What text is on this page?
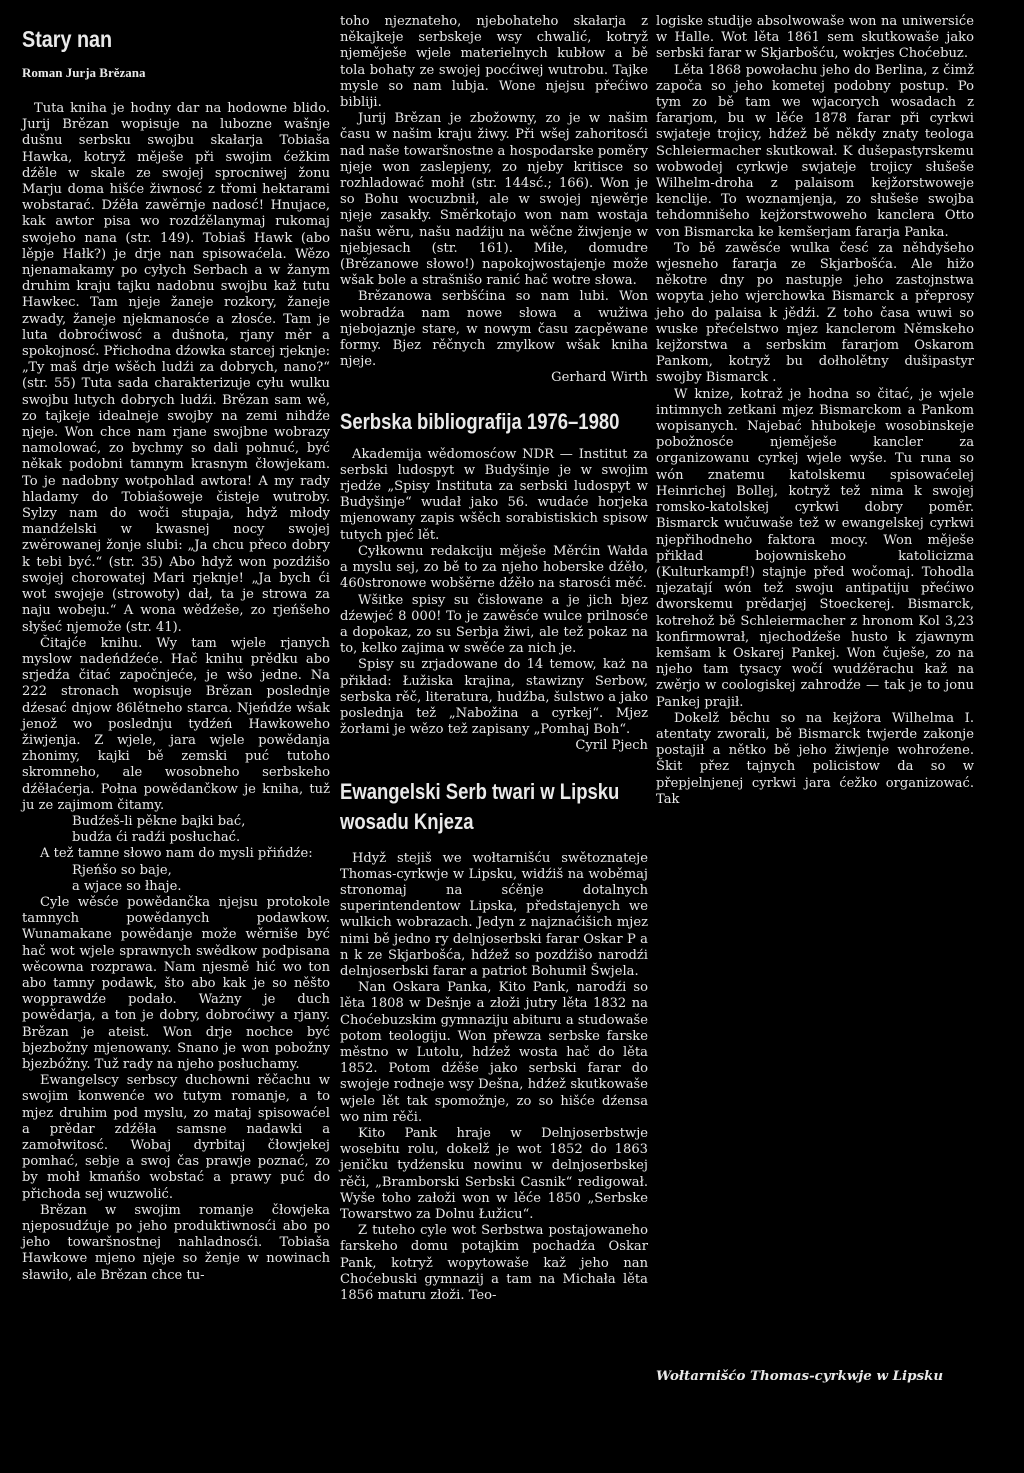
Stary nan
Roman Jurja Brězana

Tuta kniha je hodny dar na hodowne blido. Jurij Brězan wopisuje na lubozne wašnje dušnu serbsku swojbu skałarja Tobiaša Hawka, kotryž měješe při swojim ćežkim dźěle w skale ze swojej sprocniwej žonu Marju doma hišće žiwnosć z třomi hektarami wobstarać. Dźěła zawěrnje nadosć! Hnujace, kak awtor pisa wo rozdźělanymaj rukomaj swojeho nana (str. 149). Tobiaš Hawk (abo lěpje Hałk?) je drje nan spisowaćela. Wězo njenamakamy po cyłych Serbach a w žanym druhim kraju tajku nadobnu swojbu kaž tutu Hawkec. Tam njeje žaneje rozkory, žaneje zwady, žaneje njekmanosće a złosće. Tam je luta dobroćiwosć a dušnota, rjany měr a spokojnosć. Přichodna dźowka starcej rjeknje: „Ty maš drje wšěch ludźi za dobrych, nano?“ (str. 55) Tuta sada charakterizuje cyłu wulku swojbu lutych dobrych ludźi. Brězan sam wě, zo tajkeje idealneje swojby na zemi nihdźe njeje. Won chce nam rjane swojbne wobrazy namolować, zo bychmy so dali pohnuć, być někak podobni tamnym krasnym čłowjekam. To je nadobny wotpohlad awtora! A my rady hladamy do Tobiašoweje čisteje wutroby. Sylzy nam do woči stupaja, hdyž młody mandźelski w kwasnej nocy swojej zwěrowanej žonje slubi: „Ja chcu přeco dobry k tebi być.“ (str. 35) Abo hdyž won pozdźišo swojej chorowatej Mari rjeknje! „Ja bych ći wot swojeje (strowoty) dał, ta je strowa za naju wobeju.“ A wona wědźeše, zo rjeńšeho słyšeć njemože (str. 41).

Čitajće knihu. Wy tam wjele rjanych myslow nadeńdźeće. Hač knihu prědku abo srjedźa čitać započnjeće, je wšo jedne. Na 222 stronach wopisuje Brězan poslednje dźesać dnjow 86lětneho starca. Njeńdźe wšak jenož wo poslednju tydźeń Hawkoweho žiwjenja. Z wjele, jara wjele powědanja zhonimy, kajki bě zemski puć tutoho skromneho, ale wosobneho serbskeho dźěłaćerja. Połna powědančkow je kniha, tuž ju ze zajimom čitamy.

Budźeš-li pěkne bajki bać,
budźa ći radźi posłuchać.

A tež tamne słowo nam do mysli přińdźe:

Rjeńšo so baje,
a wjace so łhaje.

Cyle wěsće powědančka njejsu protokole tamnych powědanych podawkow. Wunamakane powědanje može wěrniše być hač wot wjele sprawnych swědkow podpisana wěcowna rozprawa. Nam njesmě hić wo ton abo tamny podawk, što abo kak je so něšto wopprawdźe podało. Ważny je duch powědarja, a ton je dobry, dobroćiwy a rjany. Brězan je ateist. Won drje nochce być bjezbožny mjenowany. Snano je won pobožny bjezbóžny. Tuž rady na njeho posłuchamy.

Ewangelscy serbscy duchowni rěčachu w swojim konwenće wo tutym romanje, a to mjez druhim pod myslu, zo mataj spisowaćel a prědar zdźěła samsne nadawki a zamołwitosć. Wobaj dyrbitaj čłowjekej pomhać, sebje a swoj čas prawje poznać, zo by mohł kmańšo wobstać a prawy puć do přichoda sej wuzwolić.

Brězan w swojim romanje čłowjeka njeposudźuje po jeho produktiwnosći abo po jeho towaršnostnej nahladnosći. Tobiaša Hawkowe mjeno njeje so ženje w nowinach sławiło, ale Brězan chce tu-

toho njeznateho, njebohateho skałarja z někajkeje serbskeje wsy chwalić, kotryž njeměješe wjele materielnych kubłow a bě tola bohaty ze swojej pocćiwej wutrobu. Tajke mysle so nam lubja. Wone njejsu přećiwo bibliji.

Jurij Brězan je zbožowny, zo je w našim času w našim kraju žiwy. Při wšej zahoritosći nad naše towaršnostne a hospodarske poměry njeje won zaslepjeny, zo njeby kritisce so rozhladować mohł (str. 144sć.; 166). Won je so Bohu wocuzbnił, ale w swojej njewěrje njeje zasakły. Směrkotajo won nam wostaja našu wěru, našu nadźiju na wěčne žiwjenje w njebjesach (str. 161). Miłe, domudre (Brězanowe słowo!) napokojwostajenje može wšak bole a strašnišo ranić hač wotre słowa.

Brězanowa serbšćina so nam lubi. Won wobradźa nam nowe słowa a wužiwa njebojaznje stare, w nowym času zacpěwane formy. Bjez rěčnych zmylkow wšak kniha njeje.

Gerhard Wirth

Serbska bibliografija 1976–1980

Akademija wědomosćow NDR — Institut za serbski ludospyt w Budyšinje je w swojim rjedźe „Spisy Instituta za serbski ludospyt w Budyšinje“ wudał jako 56. wudaće horjeka mjenowany zapis wšěch sorabistiskich spisow tutych pjeć lět.

Cyłkownu redakciju měješe Měrćin Wałda a myslu sej, zo bě to za njeho hoberske dźěło, 460stronowe wobšěrne dźěło na starosći měć.

Wšitke spisy su čisłowane a je jich bjez dźewjeć 8 000! To je zawěsće wulce prilnosće a dopokaz, zo su Serbja žiwi, ale tež pokaz na to, kelko zajima w swěće za nich je.

Spisy su zrjadowane do 14 temow, każ na přikład: Łužiska krajina, stawizny Serbow, serbska rěč, literatura, hudźba, šulstwo a jako poslednja tež „Nabožina a cyrkej“. Mjez žorłami je wězo tež zapisany „Pomhaj Boh“.

Cyril Pjech

Ewangelski Serb twari w Lipsku
wosadu Knjeza

Hdyž stejiš we wołtarnišću swětoznateje Thomas-cyrkwje w Lipsku, widźiš na woběmaj stronomaj na sćěnje dotalnych superintendentow Lipska, předstajenych we wulkich wobrazach. Jedyn z najznaćišich mjez nimi bě jedno ry delnjoserbski farar Oskar P a n k ze Skjarbošća, hdźež so pozdźišo narodźi delnjoserbski farar a patriot Bohumił Šwjela.

Nan Oskara Panka, Kito Pank, narodźi so lěta 1808 w Dešnje a złoži jutry lěta 1832 na Choćebuzskim gymnaziju abituru a studowaše potom teologiju. Won přewza serbske farske městno w Lutolu, hdźež wosta hač do lěta 1852. Potom dźěše jako serbski farar do swojeje rodneje wsy Dešna, hdźež skutkowaše wjele lět tak spomožnje, zo so hišće dźensa wo nim rěči.

Kito Pank hraje w Delnjoserbstwje wosebitu rolu, dokelž je wot 1852 do 1863 jeničku tydźensku nowinu w delnjoserbskej rěči, „Bramborski Serbski Casnik“ redigował. Wyše toho załoži won w lěće 1850 „Serbske Towarstwo za Dolnu Łužicu“.

Z tuteho cyle wot Serbstwa postajowaneho farskeho domu potajkim pochadźa Oskar Pank, kotryž wopytowaše kaž jeho nan Choćebuski gymnazij a tam na Michała lěta 1856 maturu złoži. Teo-

logiske studije absolwowaše won na uniwersiće w Halle. Wot lěta 1861 sem skutkowaše jako serbski farar w Skjarbošću, wokrjes Choćebuz.

Lěta 1868 powołachu jeho do Berlina, z čimž započa so jeho kometej podobny postup. Po tym zo bě tam we wjacorych wosadach z fararjom, bu w lěće 1878 farar při cyrkwi swjateje trojicy, hdźež bě někdy znaty teologa Schleiermacher skutkował. K dušepastyrskemu wobwodej cyrkwje swjateje trojicy słušeše Wilhelm-droha z palaisom kejžorstwoweje kenclije. To woznamjenja, zo słušeše swojba tehdomnišeho kejžorstwoweho kanclera Otto von Bismarcka ke kemšerjam fararja Panka.

To bě zawěsće wulka česć za něhdyšeho wjesneho fararja ze Skjarbošća. Ale hižo někotre dny po nastupje jeho zastojnstwa wopyta jeho wjerchowka Bismarck a přeprosy jeho do palaisa k jědźi. Z toho časa wuwi so wuske přećelstwo mjez kanclerom Němskeho kejžorstwa a serbskim fararjom Oskarom Pankom, kotryž bu dołholětny dušipastyr swojby Bismarck .

W knize, kotraž je hodna so čitać, je wjele intimnych zetkani mjez Bismarckom a Pankom wopisanych. Najebać hłubokeje wosobinskeje pobožnosće njeměješe kancler za organizowanu cyrkej wjele wyše. Tu runa so wón znatemu katolskemu spisowaćelej Heinrichej Bollej, kotryž tež nima k swojej romsko-katolskej cyrkwi dobry poměr. Bismarck wučuwaše tež w ewangelskej cyrkwi njepřihodneho faktora mocy. Won měješe přikład bojowniskeho katolicizma (Kulturkampf!) stajnje před wočomaj. Tohodla njezatají wón tež swoju antipatiju přećiwo dworskemu prědarjej Stoeckerej. Bismarck, kotrehož bě Schleiermacher z hronom Kol 3,23 konfirmowrał, njechodźeše husto k zjawnym kemšam k Oskarej Pankej. Won čuješe, zo na njeho tam tysacy wočí wudźěrachu kaž na zwěrjo w coologiskej zahrodźe — tak je to jonu Pankej prajił.

Dokelž běchu so na kejžora Wilhelma I. atentaty zworali, bě Bismarck twjerde zakonje postajił a nětko bě jeho žiwjenje wohroźene. Škit přez tajnych policistow da so w přepjelnjenej cyrkwi jara ćežko organizować. Tak

Wołtarnišćo Thomas-cyrkwje w Lipsku
